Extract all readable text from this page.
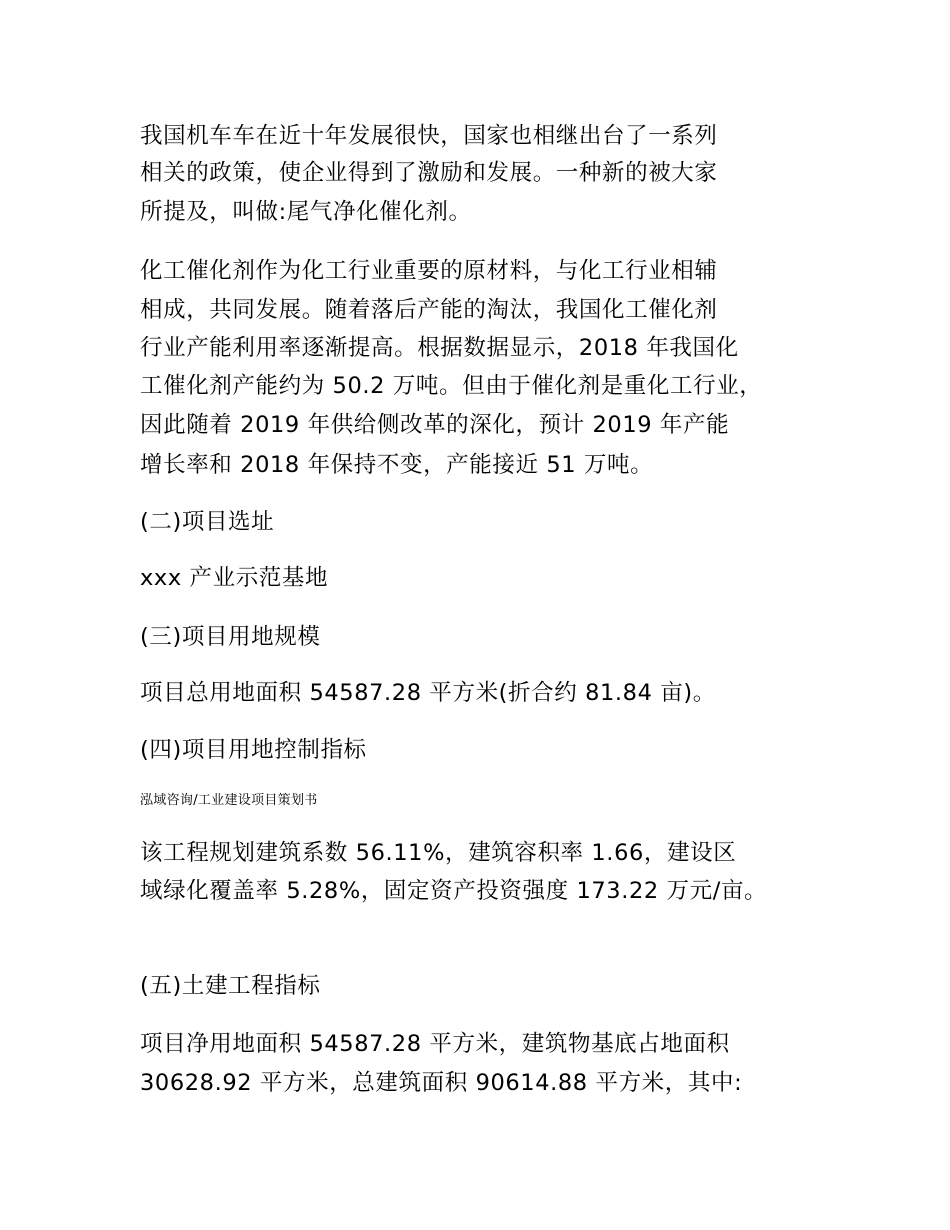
我国机车车在近十年发展很快，国家也相继出台了一系列
相关的政策，使企业得到了激励和发展。一种新的被大家
所提及，叫做:尾气净化催化剂。
化工催化剂作为化工行业重要的原材料，与化工行业相辅
相成，共同发展。随着落后产能的淘汰，我国化工催化剂
行业产能利用率逐渐提高。根据数据显示，2018 年我国化
工催化剂产能约为 50.2 万吨。但由于催化剂是重化工行业，
因此随着 2019 年供给侧改革的深化，预计 2019 年产能
增长率和 2018 年保持不变，产能接近 51 万吨。
(二)项目选址
xxx 产业示范基地
(三)项目用地规模
项目总用地面积 54587.28 平方米(折合约 81.84 亩)。
(四)项目用地控制指标
泓域咨询/工业建设项目策划书
该工程规划建筑系数 56.11%，建筑容积率 1.66，建设区
域绿化覆盖率 5.28%，固定资产投资强度 173.22 万元/亩。
(五)土建工程指标
项目净用地面积 54587.28 平方米，建筑物基底占地面积
30628.92 平方米，总建筑面积 90614.88 平方米，其中:
